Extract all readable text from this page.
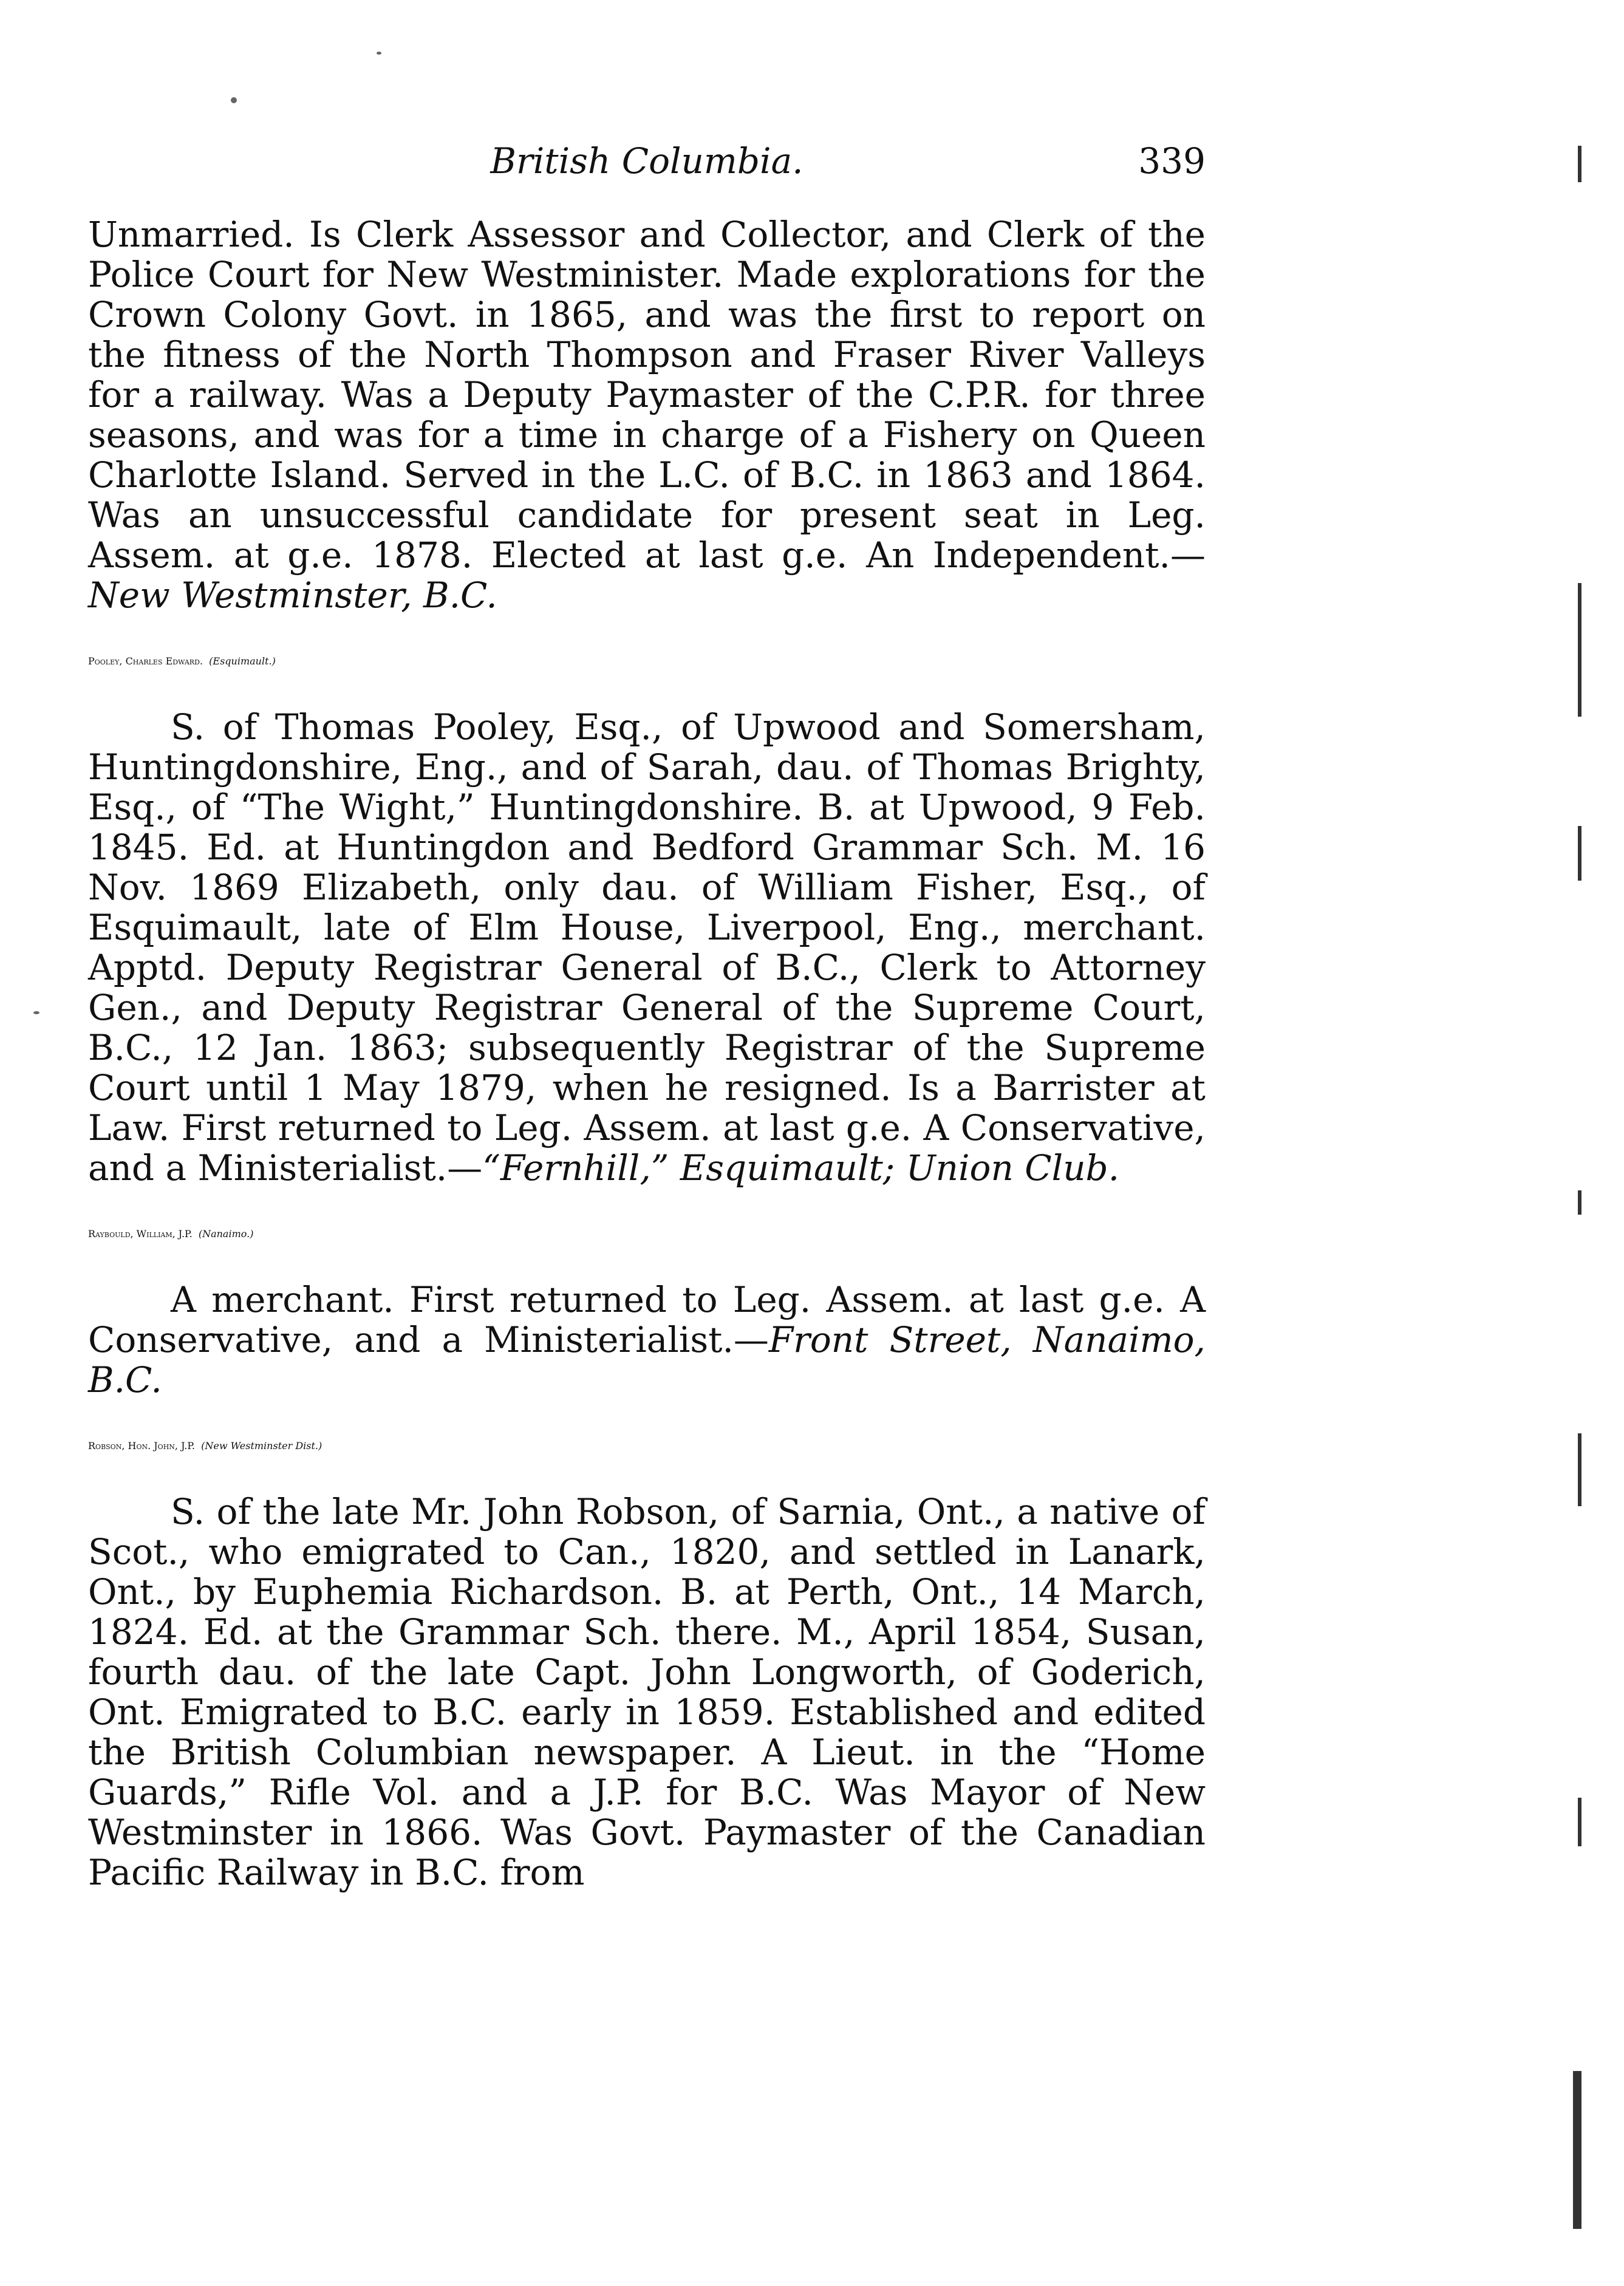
British Columbia.	339

Unmarried. Is Clerk Assessor and Collector, and Clerk of the Police Court for New Westminister. Made explorations for the Crown Colony Govt. in 1865, and was the first to report on the fitness of the North Thompson and Fraser River Valleys for a railway. Was a Deputy Paymaster of the C.P.R. for three seasons, and was for a time in charge of a Fishery on Queen Charlotte Island. Served in the L.C. of B.C. in 1863 and 1864. Was an unsuccessful candidate for present seat in Leg. Assem. at g.e. 1878. Elected at last g.e. An Independent.—New Westminster, B.C.

Pooley, Charles Edward. (Esquimault.)

S. of Thomas Pooley, Esq., of Upwood and Somersham, Huntingdonshire, Eng., and of Sarah, dau. of Thomas Brighty, Esq., of “The Wight,” Huntingdonshire. B. at Upwood, 9 Feb. 1845. Ed. at Huntingdon and Bedford Grammar Sch. M. 16 Nov. 1869 Elizabeth, only dau. of William Fisher, Esq., of Esquimault, late of Elm House, Liverpool, Eng., merchant. Apptd. Deputy Registrar General of B.C., Clerk to Attorney Gen., and Deputy Registrar General of the Supreme Court, B.C., 12 Jan. 1863; subsequently Registrar of the Supreme Court until 1 May 1879, when he resigned. Is a Barrister at Law. First returned to Leg. Assem. at last g.e. A Conservative, and a Ministerialist.—“Fernhill,” Esquimault; Union Club.

Raybould, William, J.P. (Nanaimo.)

A merchant. First returned to Leg. Assem. at last g.e. A Conservative, and a Ministerialist.—Front Street, Nanaimo, B.C.

Robson, Hon. John, J.P. (New Westminster Dist.)

S. of the late Mr. John Robson, of Sarnia, Ont., a native of Scot., who emigrated to Can., 1820, and settled in Lanark, Ont., by Euphemia Richardson. B. at Perth, Ont., 14 March, 1824. Ed. at the Grammar Sch. there. M., April 1854, Susan, fourth dau. of the late Capt. John Longworth, of Goderich, Ont. Emigrated to B.C. early in 1859. Established and edited the British Columbian newspaper. A Lieut. in the “Home Guards,” Rifle Vol. and a J.P. for B.C. Was Mayor of New Westminster in 1866. Was Govt. Paymaster of the Canadian Pacific Railway in B.C. from
